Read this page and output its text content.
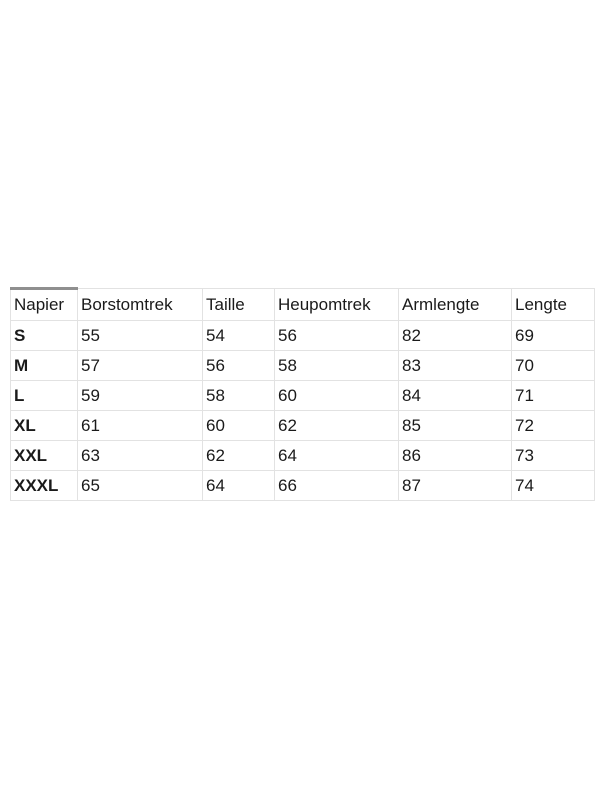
Napier	Borstomtrek	Taille	Heupomtrek	Armlengte	Lengte
S	55	54	56	82	69
M	57	56	58	83	70
L	59	58	60	84	71
XL	61	60	62	85	72
XXL	63	62	64	86	73
XXXL	65	64	66	87	74
